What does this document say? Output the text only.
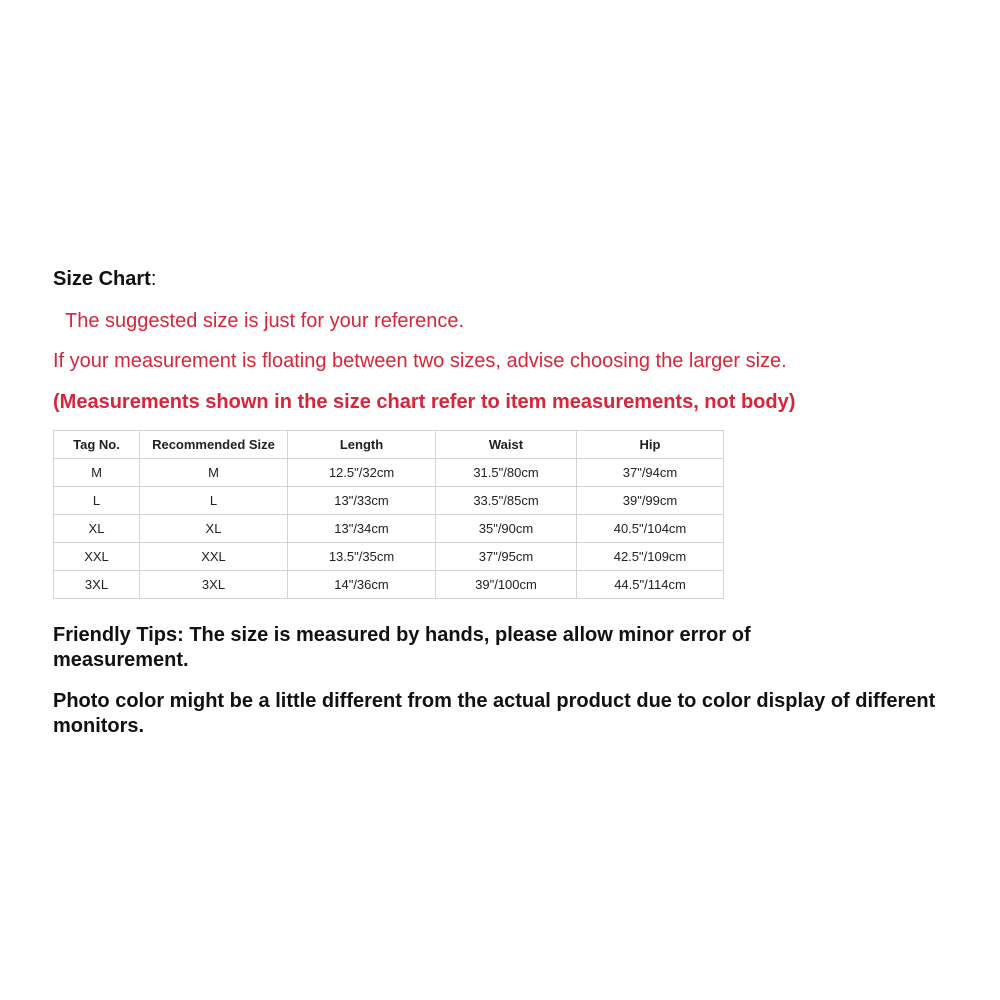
Size Chart:
The suggested size is just for your reference.
If your measurement is floating between two sizes, advise choosing the larger size.
(Measurements shown in the size chart refer to item measurements, not body)
Tag No.	Recommended Size	Length	Waist	Hip
M	M	12.5"/32cm	31.5"/80cm	37"/94cm
L	L	13"/33cm	33.5"/85cm	39"/99cm
XL	XL	13"/34cm	35"/90cm	40.5"/104cm
XXL	XXL	13.5"/35cm	37"/95cm	42.5"/109cm
3XL	3XL	14"/36cm	39"/100cm	44.5"/114cm
Friendly Tips: The size is measured by hands, please allow minor error of measurement.
Photo color might be a little different from the actual product due to color display of different monitors.
